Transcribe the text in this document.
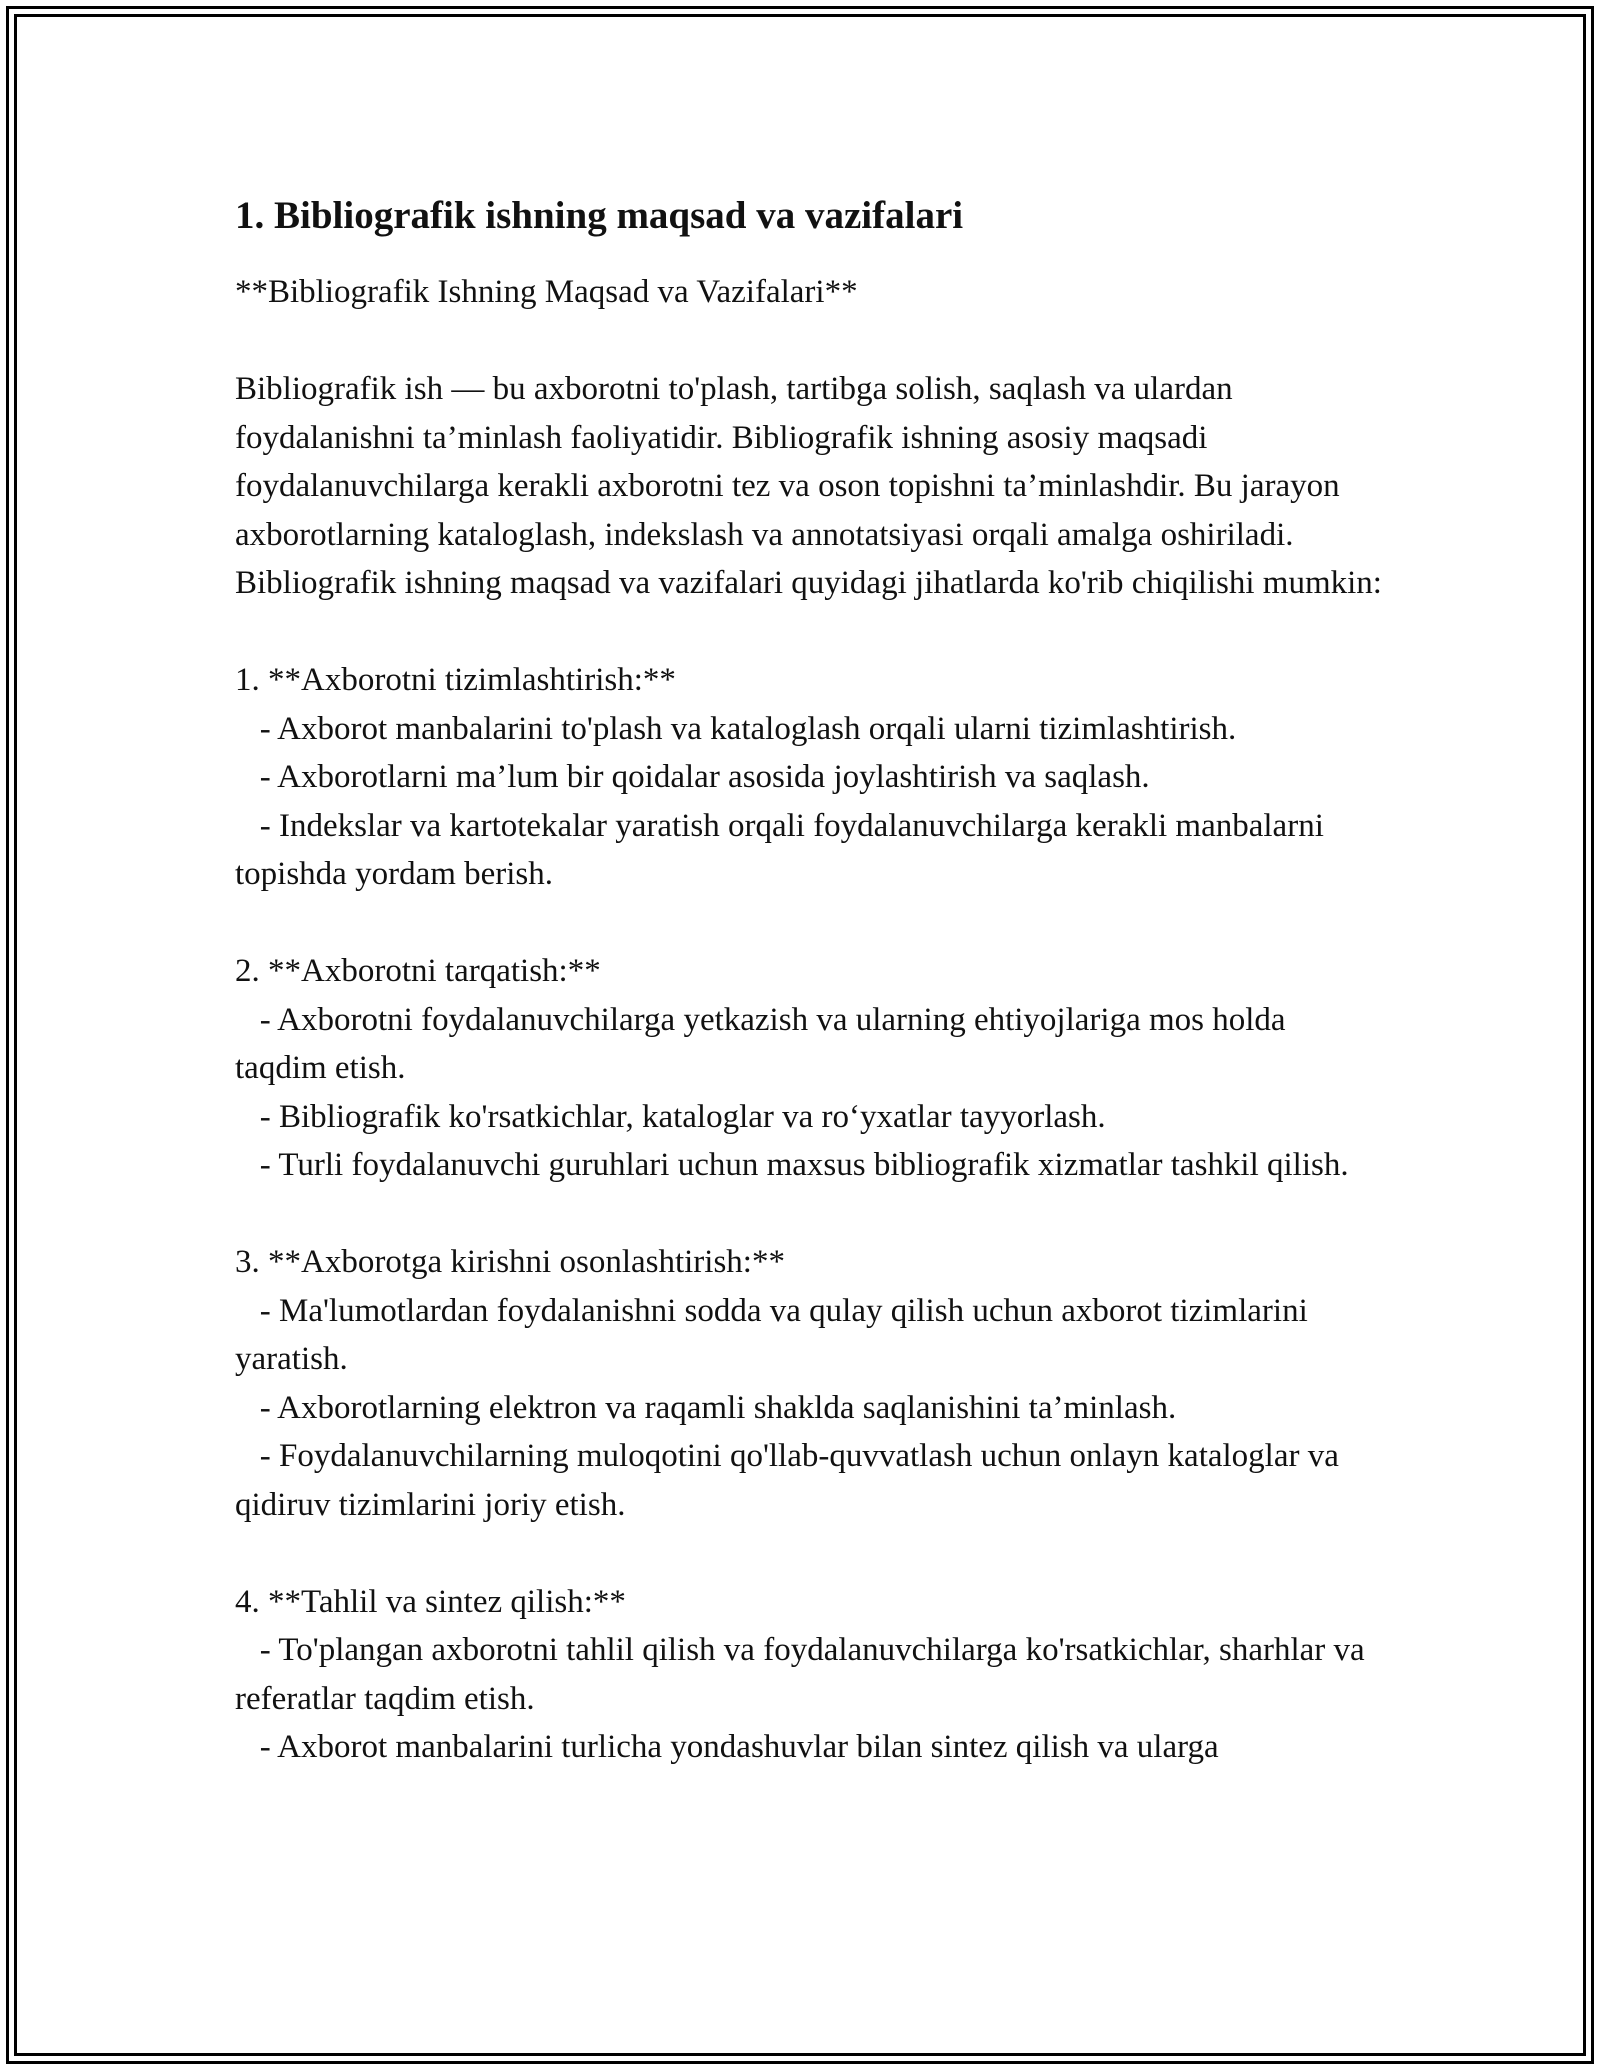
1. Bibliografik ishning maqsad va vazifalari
**Bibliografik Ishning Maqsad va Vazifalari**

Bibliografik ish — bu axborotni to'plash, tartibga solish, saqlash va ulardan foydalanishni ta’minlash faoliyatidir. Bibliografik ishning asosiy maqsadi foydalanuvchilarga kerakli axborotni tez va oson topishni ta’minlashdir. Bu jarayon axborotlarning kataloglash, indekslash va annotatsiyasi orqali amalga oshiriladi. Bibliografik ishning maqsad va vazifalari quyidagi jihatlarda ko'rib chiqilishi mumkin:

1. **Axborotni tizimlashtirish:**
- Axborot manbalarini to'plash va kataloglash orqali ularni tizimlashtirish.
- Axborotlarni ma’lum bir qoidalar asosida joylashtirish va saqlash.
- Indekslar va kartotekalar yaratish orqali foydalanuvchilarga kerakli manbalarni topishda yordam berish.
2. **Axborotni tarqatish:**
- Axborotni foydalanuvchilarga yetkazish va ularning ehtiyojlariga mos holda taqdim etish.
- Bibliografik ko'rsatkichlar, kataloglar va ro‘yxatlar tayyorlash.
- Turli foydalanuvchi guruhlari uchun maxsus bibliografik xizmatlar tashkil qilish.
3. **Axborotga kirishni osonlashtirish:**
- Ma'lumotlardan foydalanishni sodda va qulay qilish uchun axborot tizimlarini yaratish.
- Axborotlarning elektron va raqamli shaklda saqlanishini ta’minlash.
- Foydalanuvchilarning muloqotini qo'llab-quvvatlash uchun onlayn kataloglar va qidiruv tizimlarini joriy etish.
4. **Tahlil va sintez qilish:**
- To'plangan axborotni tahlil qilish va foydalanuvchilarga ko'rsatkichlar, sharhlar va referatlar taqdim etish.
- Axborot manbalarini turlicha yondashuvlar bilan sintez qilish va ularga
